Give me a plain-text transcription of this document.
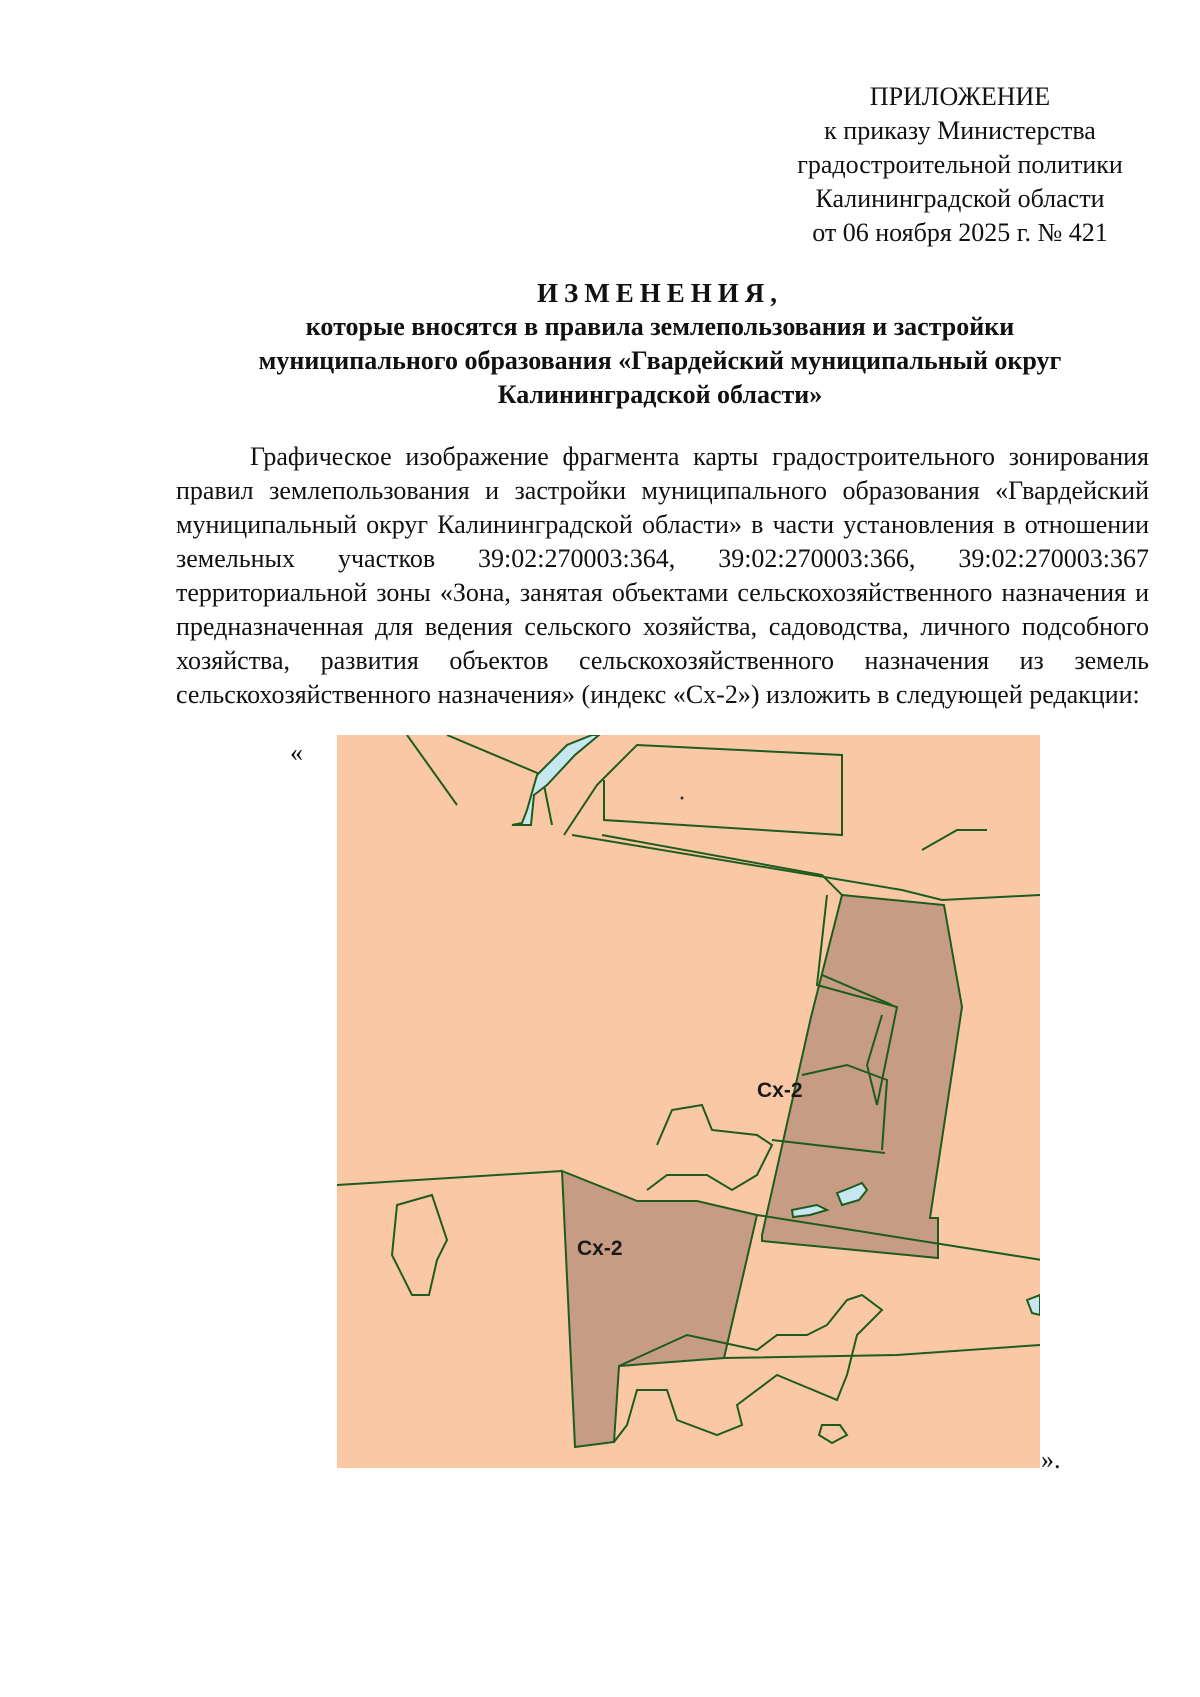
ПРИЛОЖЕНИЕ
к приказу Министерства
градостроительной политики
Калининградской области
от 06 ноября 2025 г. № 421
ИЗМЕНЕНИЯ,
которые вносятся в правила землепользования и застройки
муниципального образования «Гвардейский муниципальный округ
Калининградской области»

Графическое изображение фрагмента карты градостроительного зонирования правил землепользования и застройки муниципального образования «Гвардейский муниципальный округ Калининградской области» в части установления в отношении земельных участков 39:02:270003:364, 39:02:270003:366, 39:02:270003:367 территориальной зоны «Зона, занятая объектами сельскохозяйственного назначения и предназначенная для ведения сельского хозяйства, садоводства, личного подсобного хозяйства, развития объектов сельскохозяйственного назначения из земель сельскохозяйственного назначения» (индекс «Сх-2») изложить в следующей редакции:

«
Сх-2
Сх-2
».
